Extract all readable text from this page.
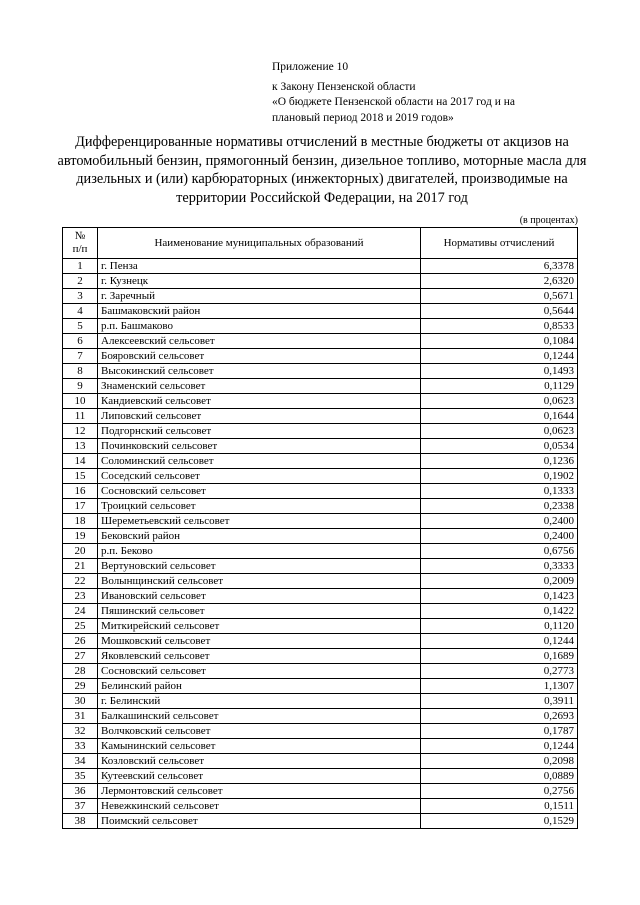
Приложение 10
к Закону Пензенской области
«О бюджете Пензенской области на 2017 год и на
плановый период 2018 и 2019 годов»
Дифференцированные нормативы отчислений в местные бюджеты от акцизов на автомобильный бензин, прямогонный бензин, дизельное топливо, моторные масла для дизельных и (или) карбюраторных (инжекторных) двигателей, производимые на территории Российской Федерации, на 2017 год
(в процентах)
№
п/п	Наименование муниципальных образований	Нормативы отчислений
1	г. Пенза	6,3378
2	г. Кузнецк	2,6320
3	г. Заречный	0,5671
4	Башмаковский район	0,5644
5	р.п. Башмаково	0,8533
6	Алексеевский сельсовет	0,1084
7	Бояровский сельсовет	0,1244
8	Высокинский сельсовет	0,1493
9	Знаменский сельсовет	0,1129
10	Кандиевский сельсовет	0,0623
11	Липовский сельсовет	0,1644
12	Подгорнский сельсовет	0,0623
13	Починковский сельсовет	0,0534
14	Соломинский сельсовет	0,1236
15	Соседский сельсовет	0,1902
16	Сосновский сельсовет	0,1333
17	Троицкий сельсовет	0,2338
18	Шереметьевский сельсовет	0,2400
19	Бековский район	0,2400
20	р.п. Беково	0,6756
21	Вертуновский сельсовет	0,3333
22	Волынщинский сельсовет	0,2009
23	Ивановский сельсовет	0,1423
24	Пяшинский сельсовет	0,1422
25	Миткирейский сельсовет	0,1120
26	Мошковский сельсовет	0,1244
27	Яковлевский сельсовет	0,1689
28	Сосновский сельсовет	0,2773
29	Белинский район	1,1307
30	г. Белинский	0,3911
31	Балкашинский сельсовет	0,2693
32	Волчковский сельсовет	0,1787
33	Камынинский сельсовет	0,1244
34	Козловский сельсовет	0,2098
35	Кутеевский сельсовет	0,0889
36	Лермонтовский сельсовет	0,2756
37	Невежкинский сельсовет	0,1511
38	Поимский сельсовет	0,1529
